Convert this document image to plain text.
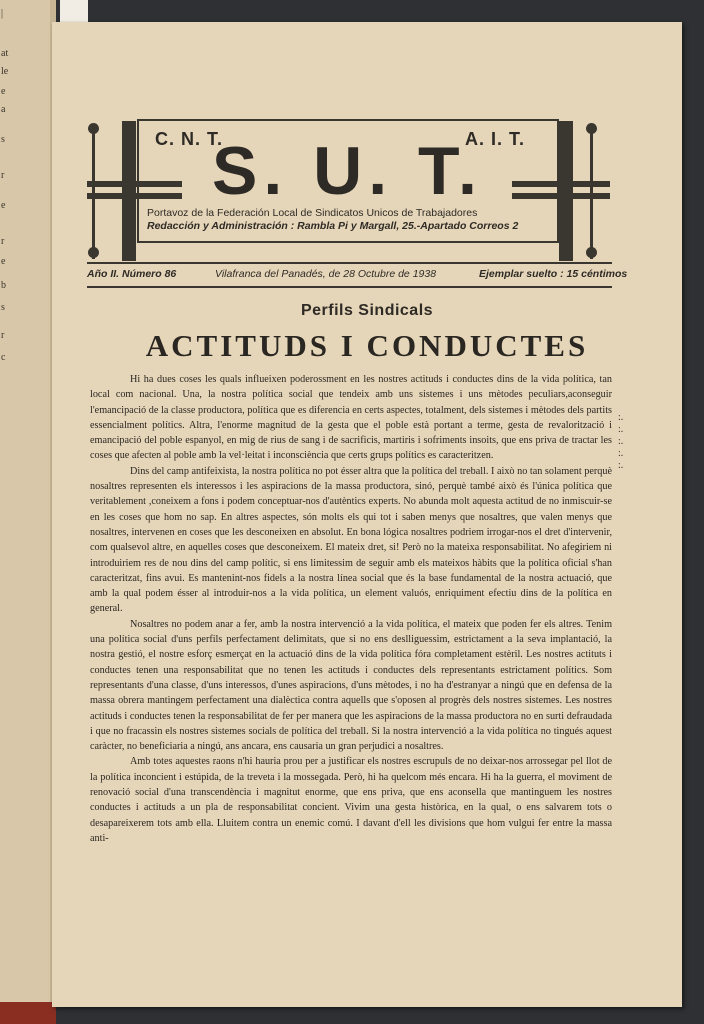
|
at
le
e
a
s
r
e
r
e
b
s
r
c
C. N. T.	A. I. T.
S. U. T.
Portavoz de la Federación Local de Sindicatos Unicos de Trabajadores
Redacción y Administración : Rambla Pi y Margall, 25.-Apartado Correos 2
Año II. Número 86	Vilafranca del Panadés, de 28 Octubre de 1938	Ejemplar suelto : 15 céntimos
Perfils Sindicals
ACTITUDS I CONDUCTES

Hi ha dues coses les quals influeixen poderossment en les nostres actituds i conductes dins de la vida política, tan local com nacional. Una, la nostra política social que tendeix amb uns sistemes i uns mètodes peculiars,aconseguir l'emancipació de la classe productora, política que es diferencia en certs aspectes, totalment, dels sistemes i mètodes dels partits essencialment polítics. Altra, l'enorme magnitud de la gesta que el poble està portant a terme, gesta de revalorització i emancipació del poble espanyol, en mig de rius de sang i de sacrificis, martiris i sofriments insoits, que ens priva de tractar les coses que afecten al poble amb la vel·leitat i inconsciència que certs grups polítics es caracteritzen.

Dins del camp antifeixista, la nostra política no pot ésser altra que la política del treball. I això no tan solament perquè nosaltres representen els interessos i les aspiracions de la massa productora, sinó, perquè també això és l'única política que veritablement ,coneixem a fons i podem conceptuar-nos d'autèntics experts. No abunda molt aquesta actitud de no inmiscuir-se en les coses que hom no sap. En altres aspectes, són molts els qui tot i saben menys que nosaltres, que valen menys que nosaltres, intervenen en coses que les desconeixen en absolut. En bona lógica nosaltres podriem irrogar-nos el dret d'intervenir, com qualsevol altre, en aquelles coses que desconeixem. El mateix dret, si! Però no la mateixa responsabilitat. No afegiriem ni introduiriem res de nou dins del camp polític, si ens limitessim de seguir amb els mateixos hàbits que la política oficial s'han caracteritzat, fins avui. Es mantenint-nos fidels a la nostra línea social que és la base fundamental de la nostra actuació, que amb la qual podem ésser al introduir-nos a la vida política, un element valuós, enriquiment efectiu dins de la política en general.

Nosaltres no podem anar a fer, amb la nostra intervenció a la vida política, el mateix que poden fer els altres. Tenim una política social d'uns perfils perfectament delimitats, que si no ens deslliguessim, estrictament a la seva implantació, la nostra gestió, el nostre esforç esmerçat en la actuació dins de la vida política fóra completament estèril. Les nostres actituts i conductes tenen una responsabilitat que no tenen les actituds i conductes dels representants estrictament polítics. Som representants d'una classe, d'uns interessos, d'unes aspiracions, d'uns mètodes, i no ha d'estranyar a ningú que en defensa de la massa obrera mantingem perfectament una dialèctica contra aquells que s'oposen al progrès dels nostres sistemes. Les nostres actituds i conductes tenen la responsabilitat de fer per manera que les aspiracions de la massa productora no en surti defraudada i que no fracassin els nostres sistemes socials de política del treball. Si la nostra intervenció a la vida política no tingués aquest caràcter, no beneficiaria a ningú, ans ancara, ens causaria un gran perjudici a nosaltres.

Amb totes aquestes raons n'hi hauria prou per a justificar els nostres escrupuls de no deixar-nos arrossegar pel llot de la política inconcient i estúpida, de la treveta i la mossegada. Però, hi ha quelcom més encara. Hi ha la guerra, el moviment de renovació social d'una transcendència i magnitut enorme, que ens priva, que ens aconsella que mantinguem les nostres conductes i actituds a un pla de responsabilitat concient. Vivim una gesta històrica, en la qual, o ens salvarem tots o desapareixerem tots amb ella. Lluitem contra un enemic comú. I davant d'ell les divisions que hom vulgui fer entre la massa anti-

:.
:.
:.
:.
:.
